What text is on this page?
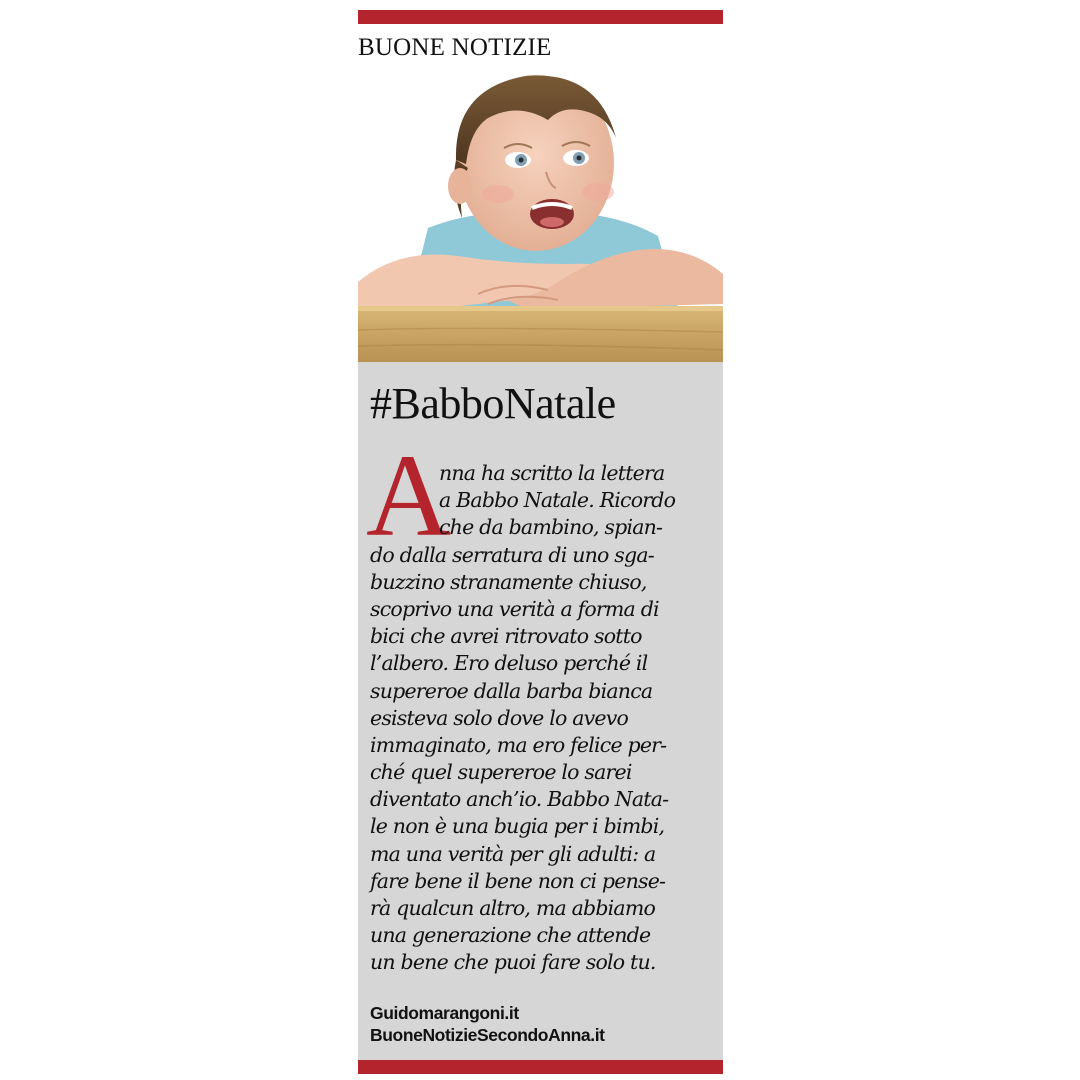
BUONE NOTIZIE
#BabboNatale
A
nna ha scritto la lettera
a Babbo Natale. Ricordo
che da bambino, spian-
do dalla serratura di uno sga-
buzzino stranamente chiuso,
scoprivo una verità a forma di
bici che avrei ritrovato sotto
l’albero. Ero deluso perché il
supereroe dalla barba bianca
esisteva solo dove lo avevo
immaginato, ma ero felice per-
ché quel supereroe lo sarei
diventato anch’io. Babbo Nata-
le non è una bugia per i bimbi,
ma una verità per gli adulti: a
fare bene il bene non ci pense-
rà qualcun altro, ma abbiamo
una generazione che attende
un bene che puoi fare solo tu.
Guidomarangoni.it
BuoneNotizieSecondoAnna.it
